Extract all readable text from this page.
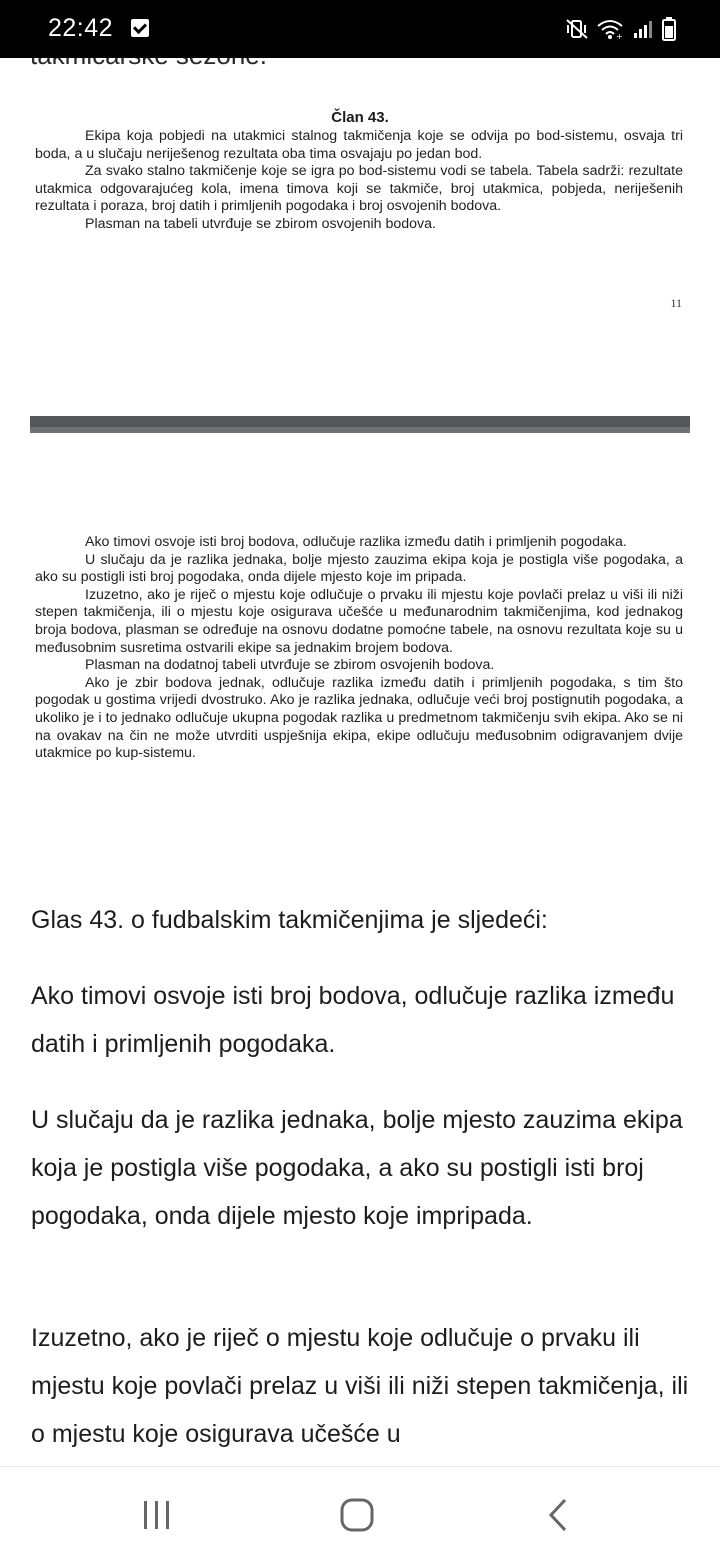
22:42	+
Član 43.

Ekipa koja pobjedi na utakmici stalnog takmičenja koje se odvija po bod-sistemu, osvaja tri boda, a u slučaju neriješenog rezultata oba tima osvajaju po jedan bod.

Za svako stalno takmičenje koje se igra po bod-sistemu vodi se tabela. Tabela sadrži: rezultate utakmica odgovarajućeg kola, imena timova koji se takmiče, broj utakmica, pobjeda, neriješenih rezultata i poraza, broj datih i primljenih pogodaka i broj osvojenih bodova.

Plasman na tabeli utvrđuje se zbirom osvojenih bodova.

11

Ako timovi osvoje isti broj bodova, odlučuje razlika između datih i primljenih pogodaka.

U slučaju da je razlika jednaka, bolje mjesto zauzima ekipa koja je postigla više pogodaka, a ako su postigli isti broj pogodaka, onda dijele mjesto koje im pripada.

Izuzetno, ako je riječ o mjestu koje odlučuje o prvaku ili mjestu koje povlači prelaz u viši ili niži stepen takmičenja, ili o mjestu koje osigurava učešće u međunarodnim takmičenjima, kod jednakog broja bodova, plasman se određuje na osnovu dodatne pomoćne tabele, na osnovu rezultata koje su u međusobnim susretima ostvarili ekipe sa jednakim brojem bodova.

Plasman na dodatnoj tabeli utvrđuje se zbirom osvojenih bodova.

Ako je zbir bodova jednak, odlučuje razlika između datih i primljenih pogodaka, s tim što pogodak u gostima vrijedi dvostruko. Ako je razlika jednaka, odlučuje veći broj postignutih pogodaka, a ukoliko je i to jednako odlučuje ukupna pogodak razlika u predmetnom takmičenju svih ekipa. Ako se ni na ovakav na čin ne može utvrditi uspješnija ekipa, ekipe odlučuju međusobnim odigravanjem dvije utakmice po kup-sistemu.

Glas 43. o fudbalskim takmičenjima je sljedeći:

Ako timovi osvoje isti broj bodova, odlučuje razlika između datih i primljenih pogodaka.

U slučaju da je razlika jednaka, bolje mjesto zauzima ekipa koja je postigla više pogodaka, a ako su postigli isti broj pogodaka, onda dijele mjesto koje impripada.

Izuzetno, ako je riječ o mjestu koje odlučuje o prvaku ili mjestu koje povlači prelaz u viši ili niži stepen takmičenja, ili o mjestu koje osigurava učešće u
